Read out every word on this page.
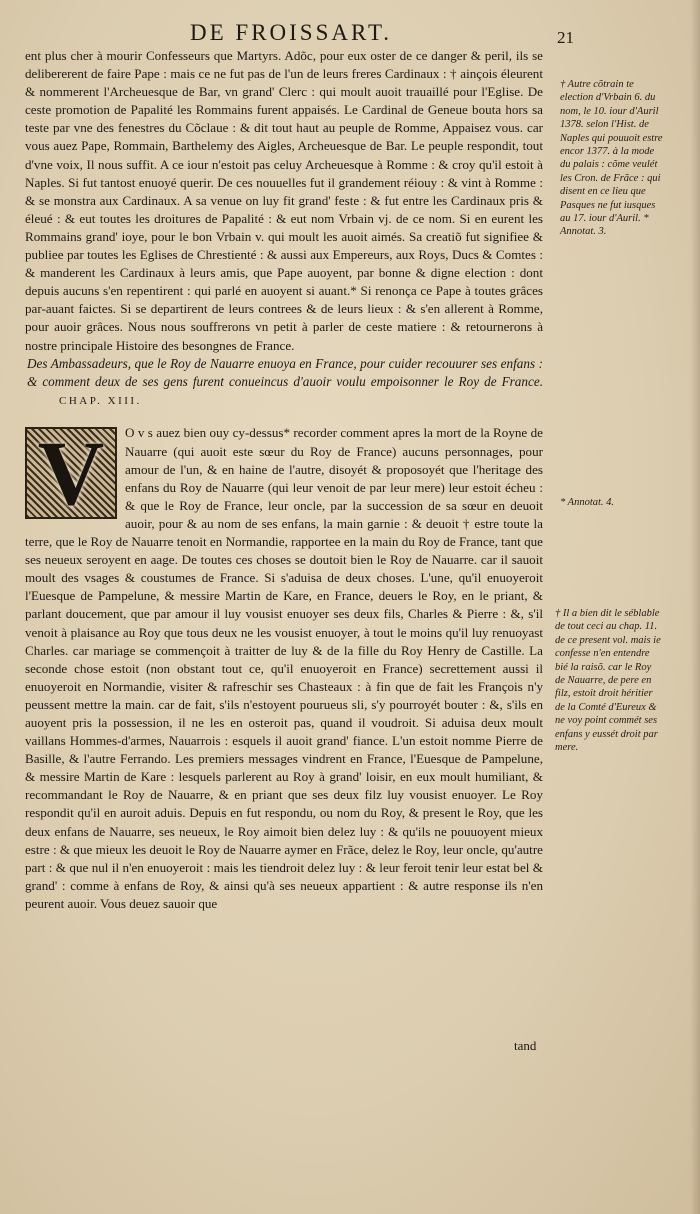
DE FROISSART.	21

ent plus cher à mourir Confesseurs que Martyrs. Adõc, pour eux oster de ce danger & peril, ils se delibererent de faire Pape : mais ce ne fut pas de l'un de leurs freres Cardinaux : † ainçois éleurent & nommerent l'Archeuesque de Bar, vn grand' Clerc : qui moult auoit trauaillé pour l'Eglise. De ceste promotion de Papalité les Rommains furent appaisés. Le Cardinal de Geneue bouta hors sa teste par vne des fenestres du Cõclaue : & dit tout haut au peuple de Romme, Appaisez vous. car vous auez Pape, Rommain, Barthelemy des Aigles, Archeuesque de Bar. Le peuple respondit, tout d'vne voix, Il nous suffit. A ce iour n'estoit pas celuy Archeuesque à Romme : & croy qu'il estoit à Naples. Si fut tantost enuoyé querir. De ces nouuelles fut il grandement réiouy : & vint à Romme : & se monstra aux Cardinaux. A sa venue on luy fit grand' feste : & fut entre les Cardinaux pris & éleué : & eut toutes les droitures de Papalité : & eut nom Vrbain vj. de ce nom. Si en eurent les Rommains grand' ioye, pour le bon Vrbain v. qui moult les auoit aimés. Sa creatiõ fut signifiee & publiee par toutes les Eglises de Chrestienté : & aussi aux Empereurs, aux Roys, Ducs & Comtes : & manderent les Cardinaux à leurs amis, que Pape auoyent, par bonne & digne election : dont depuis aucuns s'en repentirent : qui parlé en auoyent si auant.* Si renonça ce Pape à toutes grâces par-auant faictes. Si se departirent de leurs contrees & de leurs lieux : & s'en allerent à Romme, pour auoir grâces. Nous nous souffrerons vn petit à parler de ceste matiere : & retournerons à nostre principale Histoire des besongnes de France.

Des Ambassadeurs, que le Roy de Nauarre enuoya en France, pour cuider recouurer ses enfans : & comment deux de ses gens furent conueincus d'auoir voulu empoisonner le Roy de France. CHAP. XIII.

V O v s auez bien ouy cy-dessus* recorder comment apres la mort de la Royne de Nauarre (qui auoit este sœur du Roy de France) aucuns personnages, pour amour de l'un, & en haine de l'autre, disoyét & proposoyét que l'heritage des enfans du Roy de Nauarre (qui leur venoit de par leur mere) leur estoit écheu : & que le Roy de France, leur oncle, par la succession de sa sœur en deuoit auoir, pour & au nom de ses enfans, la main garnie : & deuoit † estre toute la terre, que le Roy de Nauarre tenoit en Normandie, rapportee en la main du Roy de France, tant que ses neueux seroyent en aage. De toutes ces choses se doutoit bien le Roy de Nauarre. car il sauoit moult des vsages & coustumes de France. Si s'aduisa de deux choses. L'une, qu'il enuoyeroit l'Euesque de Pampelune, & messire Martin de Kare, en France, deuers le Roy, en le priant, & parlant doucement, que par amour il luy vousist enuoyer ses deux fils, Charles & Pierre : &, s'il venoit à plaisance au Roy que tous deux ne les vousist enuoyer, à tout le moins qu'il luy renuoyast Charles. car mariage se commençoit à traitter de luy & de la fille du Roy Henry de Castille. La seconde chose estoit (non obstant tout ce, qu'il enuoyeroit en France) secrettement aussi il enuoyeroit en Normandie, visiter & rafreschir ses Chasteaux : à fin que de fait les François n'y peussent mettre la main. car de fait, s'ils n'estoyent pourueus sli, s'y pourroyét bouter : &, s'ils en auoyent pris la possession, il ne les en osteroit pas, quand il voudroit. Si aduisa deux moult vaillans Hommes-d'armes, Nauarrois : esquels il auoit grand' fiance. L'un estoit nomme Pierre de Basille, & l'autre Ferrando. Les premiers messages vindrent en France, l'Euesque de Pampelune, & messire Martin de Kare : lesquels parlerent au Roy à grand' loisir, en eux moult humiliant, & recommandant le Roy de Nauarre, & en priant que ses deux filz luy vousist enuoyer. Le Roy respondit qu'il en auroit aduis. Depuis en fut respondu, ou nom du Roy, & present le Roy, que les deux enfans de Nauarre, ses neueux, le Roy aimoit bien delez luy : & qu'ils ne pouuoyent mieux estre : & que mieux les deuoit le Roy de Nauarre aymer en Frãce, delez le Roy, leur oncle, qu'autre part : & que nul il n'en enuoyeroit : mais les tiendroit delez luy : & leur feroit tenir leur estat bel & grand' : comme à enfans de Roy, & ainsi qu'à ses neueux appartient : & autre response ils n'en peurent auoir. Vous deuez sauoir que

† Autre cõtrain te election d'Vrbain 6. du nom, le 10. iour d'Auril 1378. selon l'Hist. de Naples qui pouuoit estre encor 1377. à la mode du palais : cõme veulét les Cron. de Frãce : qui disent en ce lieu que Pasques ne fut iusques au 17. iour d'Auril. * Annotat. 3.
* Annotat. 4.
† Il a bien dit le séblable de tout ceci au chap. 11. de ce present vol. mais ie confesse n'en entendre bié la raisõ. car le Roy de Nauarre, de pere en filz, estoit droit héritier de la Comté d'Eureux & ne voy point commét ses enfans y eussét droit par mere.
tand
